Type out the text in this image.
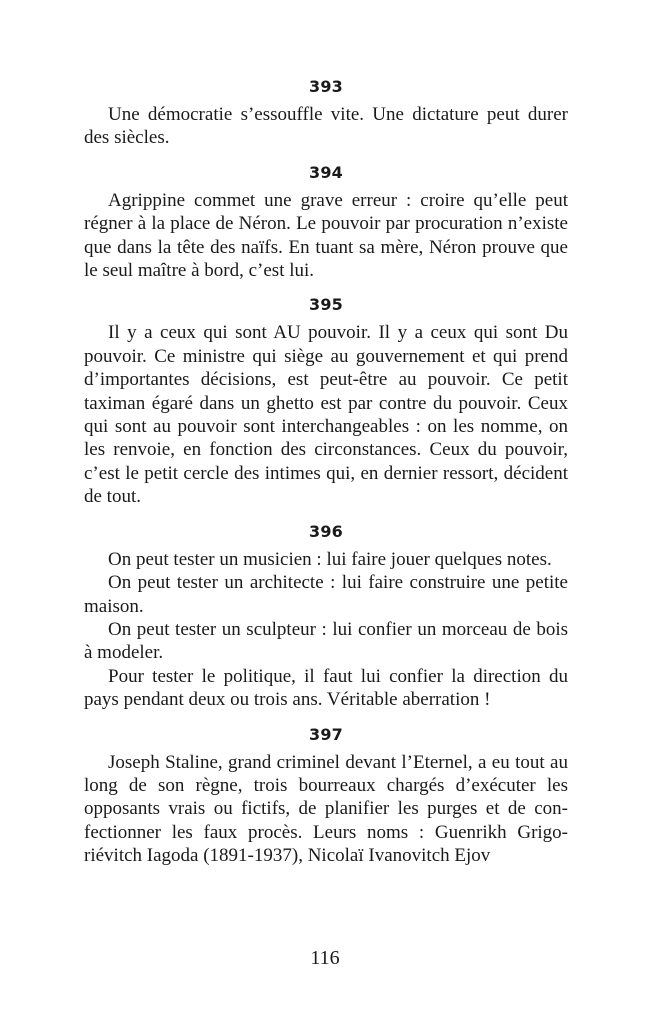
393

Une démocratie s’essouffle vite. Une dictature peut durer des siècles.

394

Agrippine commet une grave erreur : croire qu’elle peut régner à la place de Néron. Le pouvoir par procuration n’existe que dans la tête des naïfs. En tuant sa mère, Néron prouve que le seul maître à bord, c’est lui.

395

Il y a ceux qui sont AU pouvoir. Il y a ceux qui sont Du pouvoir. Ce ministre qui siège au gouvernement et qui prend d’importantes décisions, est peut-être au pouvoir. Ce petit taximan égaré dans un ghetto est par contre du pouvoir. Ceux qui sont au pouvoir sont interchangeables : on les nomme, on les renvoie, en fonction des circonstances. Ceux du pouvoir, c’est le petit cercle des intimes qui, en dernier ressort, décident de tout.

396

On peut tester un musicien : lui faire jouer quelques notes.

On peut tester un architecte : lui faire construire une petite maison.

On peut tester un sculpteur : lui confier un morceau de bois à modeler.

Pour tester le politique, il faut lui confier la direction du pays pendant deux ou trois ans. Véritable aberration !

397

Joseph Staline, grand criminel devant l’Eternel, a eu tout au long de son règne, trois bourreaux chargés d’exécuter les opposants vrais ou fictifs, de planifier les purges et de confectionner les faux procès. Leurs noms : Guenrikh Grigoriévitch Iagoda (1891-1937), Nicolaï Ivanovitch Ejov

116
